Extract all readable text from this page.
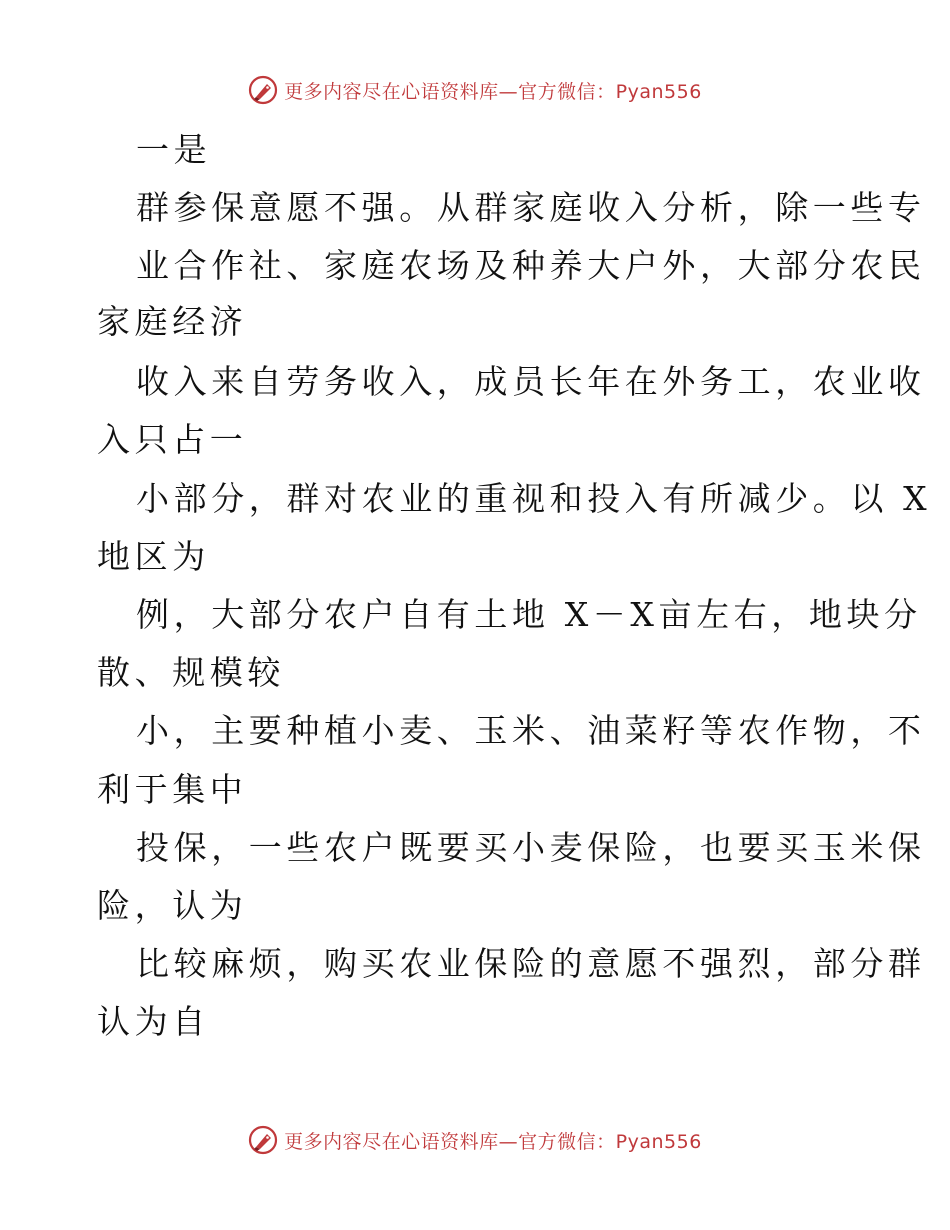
更多内容尽在心语资料库—官方微信：Pyan556
一是
群参保意愿不强。从群家庭收入分析，除一些专
业合作社、家庭农场及种养大户外，大部分农民
家庭经济
收入来自劳务收入，成员长年在外务工，农业收
入只占一
小部分，群对农业的重视和投入有所减少。以 X
地区为
例，大部分农户自有土地 X－X亩左右，地块分
散、规模较
小，主要种植小麦、玉米、油菜籽等农作物，不
利于集中
投保，一些农户既要买小麦保险，也要买玉米保
险，认为
比较麻烦，购买农业保险的意愿不强烈，部分群
认为自
更多内容尽在心语资料库—官方微信：Pyan556
